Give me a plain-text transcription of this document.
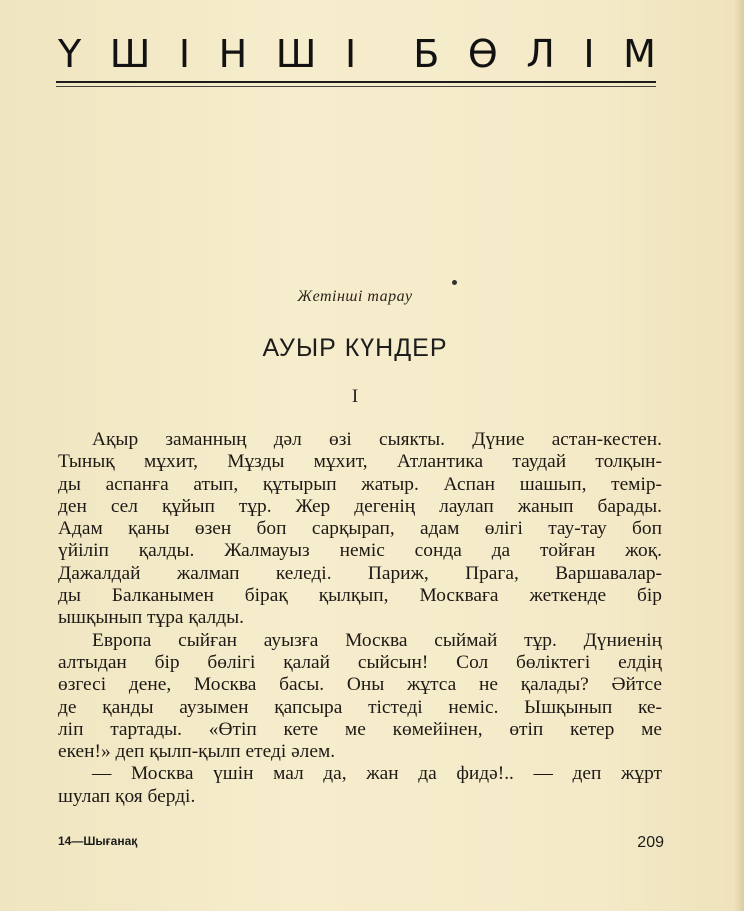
Ү Ш І Н Ш І Б Ө Л І М
Жетінші тарау
АУЫР КҮНДЕР
I
Ақыр заманның дәл өзі сыякты. Дүние астан-кестен.
Тынық мұхит, Мұзды мұхит, Атлантика таудай толқын-
ды аспанға атып, құтырып жатыр. Аспан шашып, темір-
ден сел құйып тұр. Жер дегенің лаулап жанып барады.
Адам қаны өзен боп сарқырап, адам өлігі тау-тау боп
үйіліп қалды. Жалмауыз неміс сонда да тойған жоқ.
Дажалдай жалмап келеді. Париж, Прага, Варшавалар-
ды Балканымен бірақ қылқып, Москваға жеткенде бір
ышқынып тұра қалды.
Европа сыйған ауызға Москва сыймай тұр. Дүниенің
алтыдан бір бөлігі қалай сыйсын! Сол бөліктегі елдің
өзгесі дене, Москва басы. Оны жұтса не қалады? Әйтсе
де қанды аузымен қапсыра тістеді неміс. Ышқынып ке-
ліп тартады. «Өтіп кете ме көмейінен, өтіп кетер ме
екен!» деп қылп-қылп етеді әлем.
— Москва үшін мал да, жан да фидә!.. — деп жұрт
шулап қоя берді.
14—Шығанақ	209
